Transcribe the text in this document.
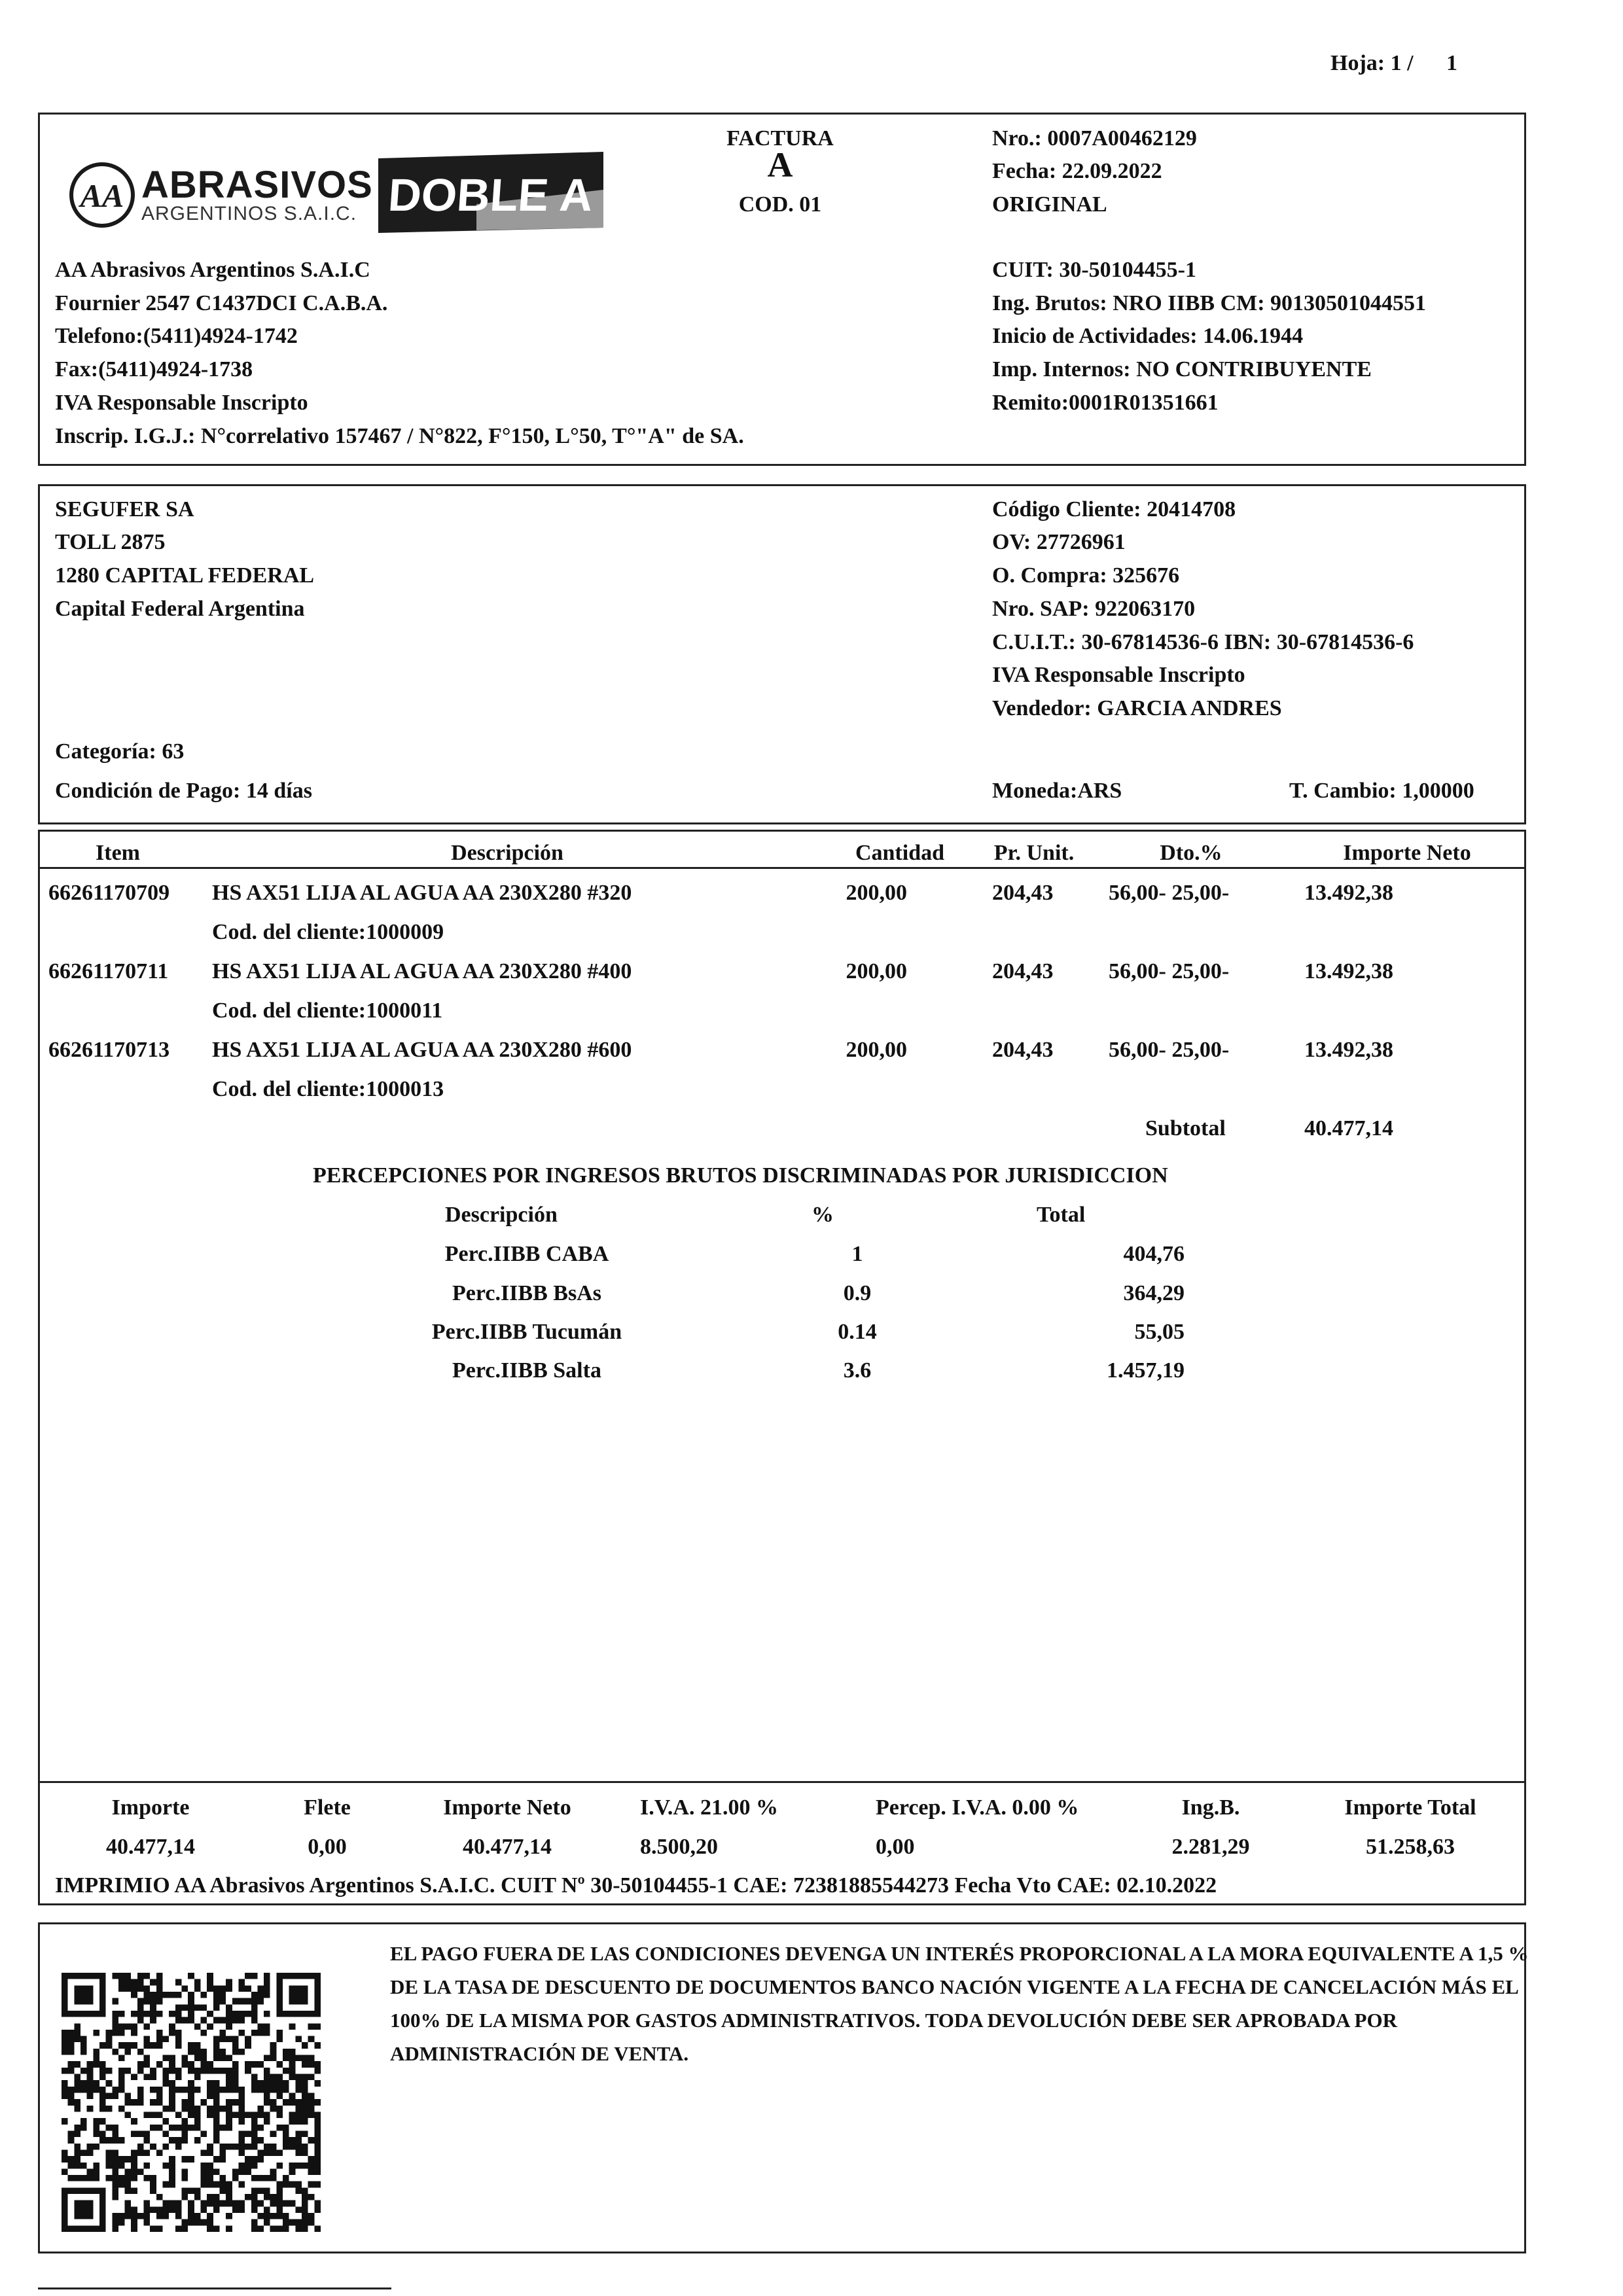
Hoja: 1 / 1
AA ABRASIVOS
ARGENTINOS S.A.I.C. DOBLE A
FACTURA
A
COD. 01
Nro.: 0007A00462129
Fecha: 22.09.2022
ORIGINAL
AA Abrasivos Argentinos S.A.I.C
Fournier 2547 C1437DCI C.A.B.A.
Telefono:(5411)4924-1742
Fax:(5411)4924-1738
IVA Responsable Inscripto
Inscrip. I.G.J.: N°correlativo 157467 / N°822, F°150, L°50, T°"A" de SA.
CUIT: 30-50104455-1
Ing. Brutos: NRO IIBB CM: 90130501044551
Inicio de Actividades: 14.06.1944
Imp. Internos: NO CONTRIBUYENTE
Remito:0001R01351661
SEGUFER SA
TOLL 2875
1280 CAPITAL FEDERAL
Capital Federal Argentina
Código Cliente: 20414708
OV: 27726961
O. Compra: 325676
Nro. SAP: 922063170
C.U.I.T.: 30-67814536-6 IBN: 30-67814536-6
IVA Responsable Inscripto
Vendedor: GARCIA ANDRES
Categoría: 63
Condición de Pago: 14 días	Moneda:ARS	T. Cambio: 1,00000
Item	Descripción	Cantidad	Pr. Unit.	Dto.%	Importe Neto
66261170709 HS AX51 LIJA AL AGUA AA 230X280 #320	200,00	204,43 56,00- 25,00-	13.492,38
Cod. del cliente:1000009
66261170711 HS AX51 LIJA AL AGUA AA 230X280 #400	200,00	204,43 56,00- 25,00-	13.492,38
Cod. del cliente:1000011
66261170713 HS AX51 LIJA AL AGUA AA 230X280 #600	200,00	204,43 56,00- 25,00-	13.492,38
Cod. del cliente:1000013
Subtotal	40.477,14
PERCEPCIONES POR INGRESOS BRUTOS DISCRIMINADAS POR JURISDICCION
Descripción	%	Total
Perc.IIBB CABA	1	404,76
Perc.IIBB BsAs	0.9	364,29
Perc.IIBB Tucumán	0.14	55,05
Perc.IIBB Salta	3.6	1.457,19
Importe	Flete	Importe Neto	I.V.A. 21.00 %	Percep. I.V.A. 0.00 %	Ing.B.	Importe Total
40.477,14	0,00	40.477,14	8.500,20	0,00	2.281,29	51.258,63
IMPRIMIO AA Abrasivos Argentinos S.A.I.C. CUIT Nº 30-50104455-1 CAE: 72381885544273 Fecha Vto CAE: 02.10.2022
EL PAGO FUERA DE LAS CONDICIONES DEVENGA UN INTERÉS PROPORCIONAL A LA MORA EQUIVALENTE A 1,5 % DE LA TASA DE DESCUENTO DE DOCUMENTOS BANCO NACIÓN VIGENTE A LA FECHA DE CANCELACIÓN MÁS EL 100% DE LA MISMA POR GASTOS ADMINISTRATIVOS. TODA DEVOLUCIÓN DEBE SER APROBADA POR ADMINISTRACIÓN DE VENTA.
